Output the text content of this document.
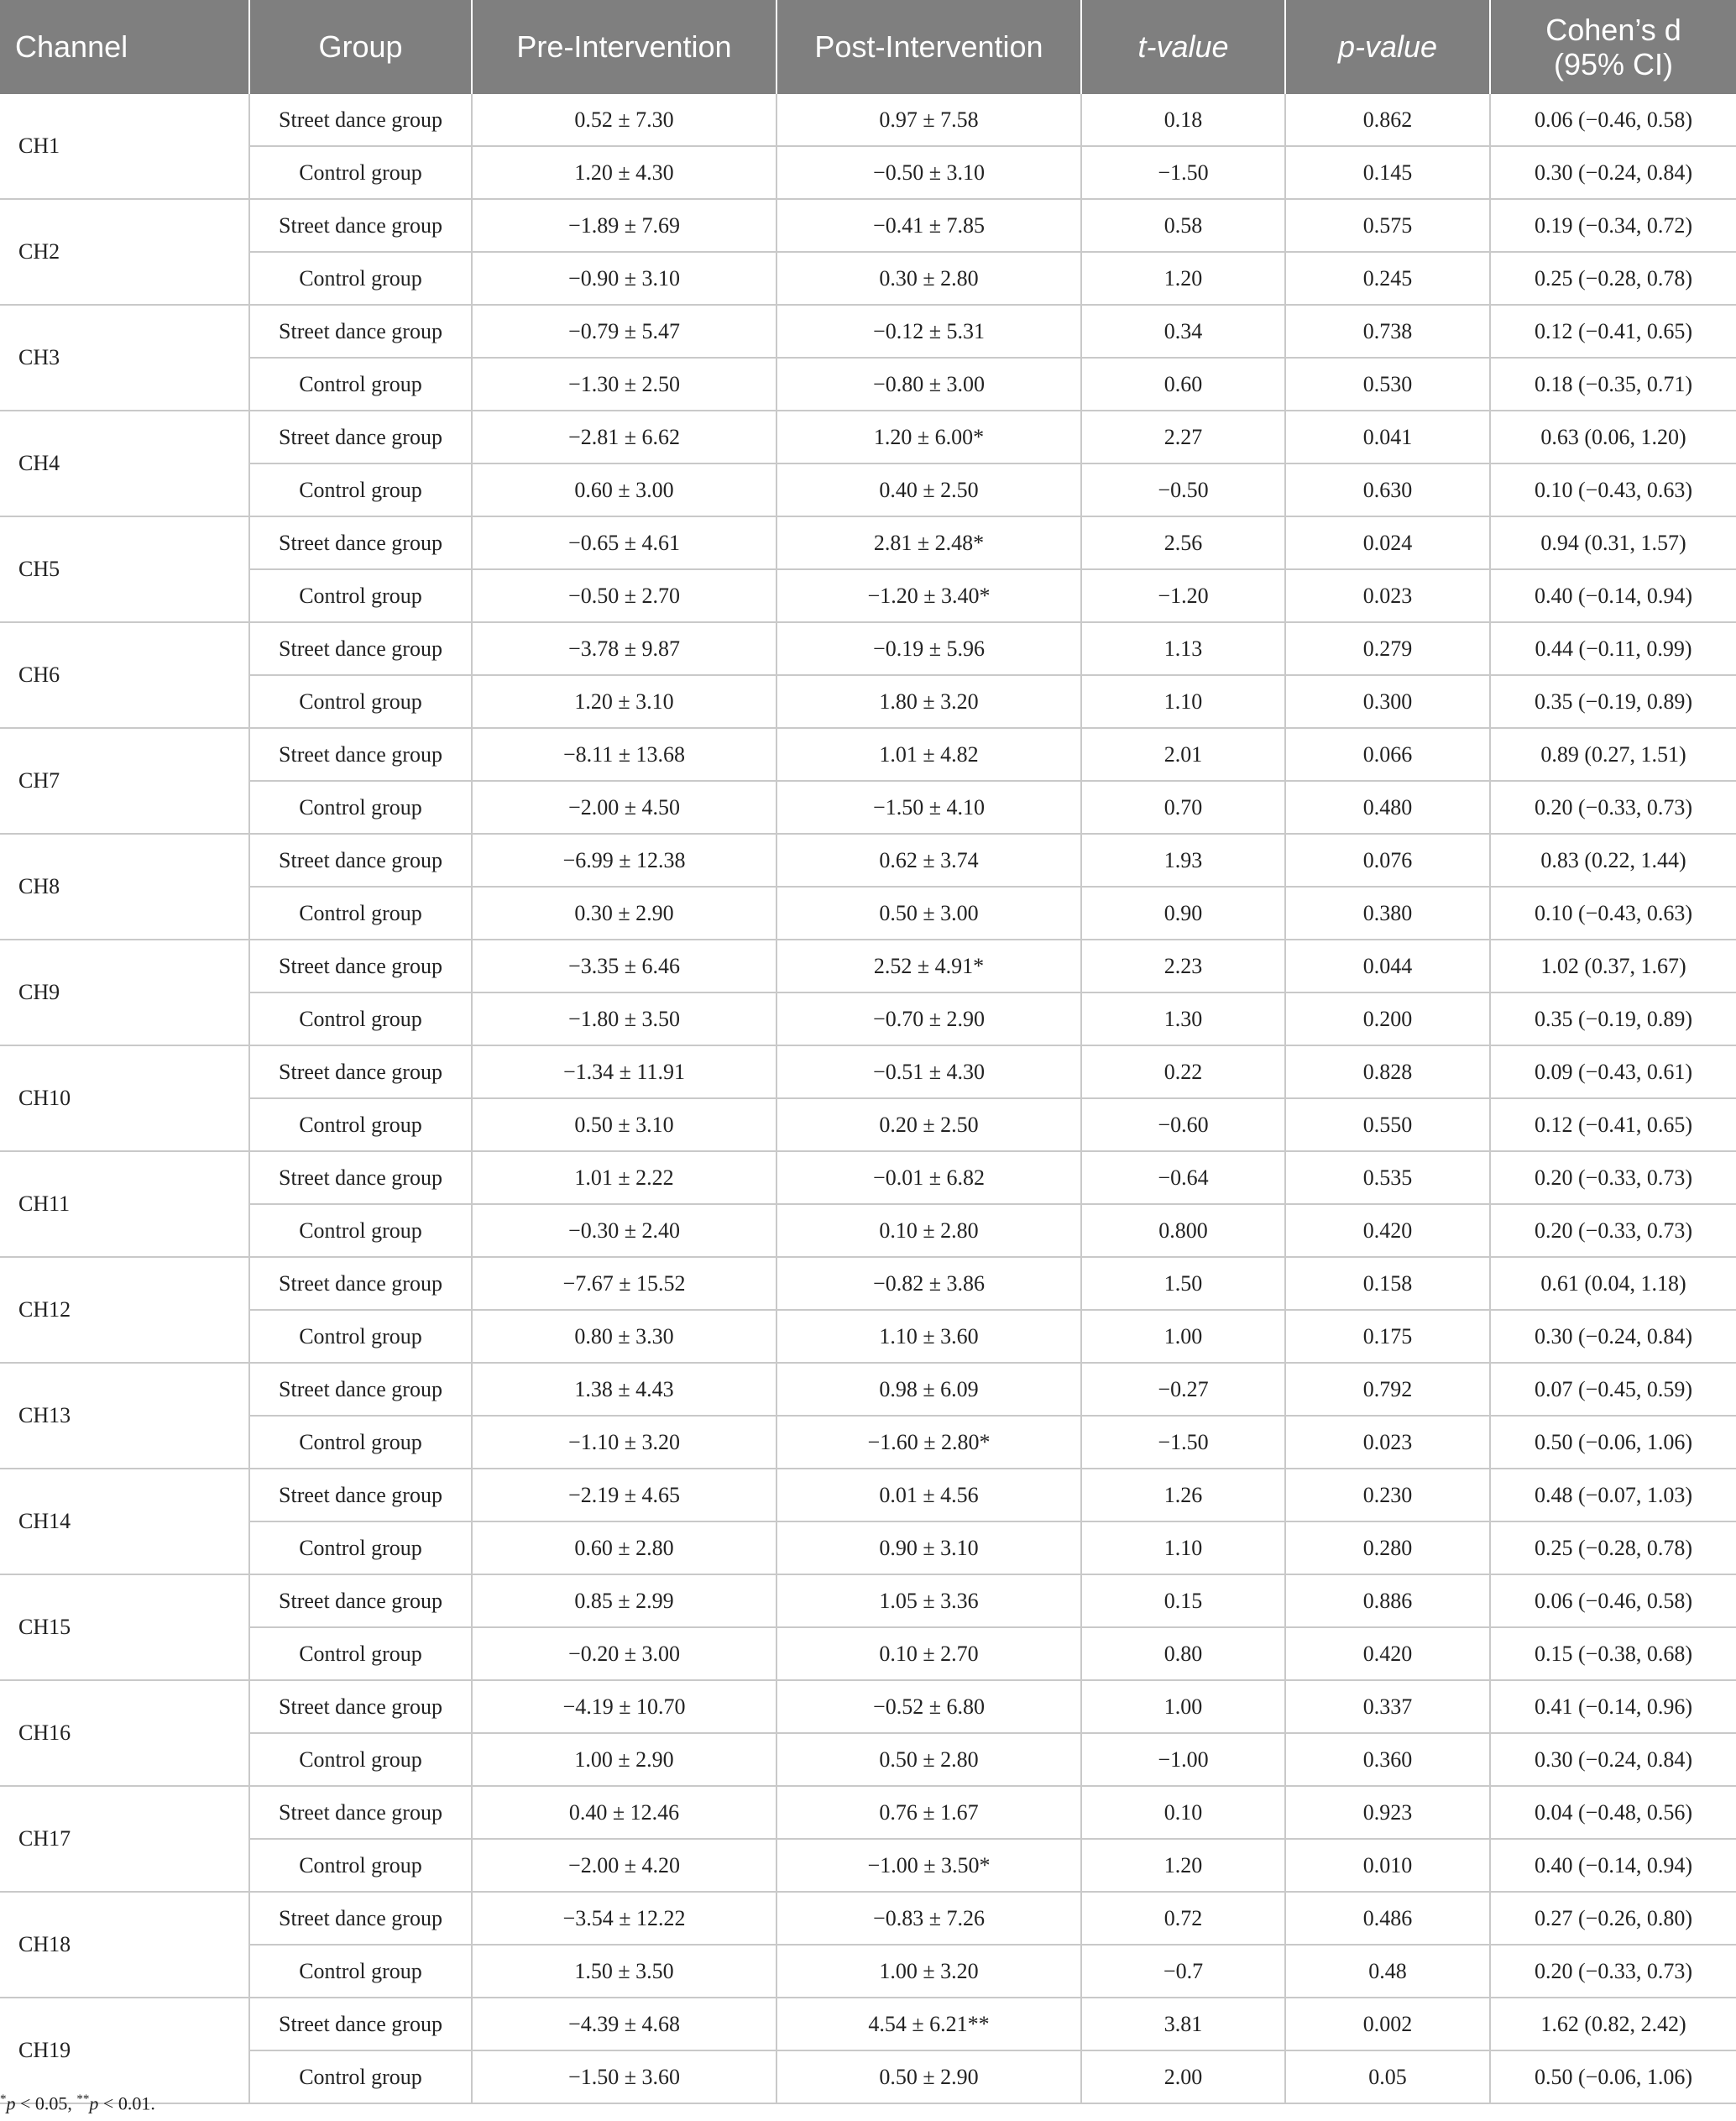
Channel	Group	Pre-Intervention	Post-Intervention	t-value	p-value	Cohen’s d
(95% CI)
CH1	Street dance group	0.52 ± 7.30	0.97 ± 7.58	0.18	0.862	0.06 (−0.46, 0.58)
	Control group	1.20 ± 4.30	−0.50 ± 3.10	−1.50	0.145	0.30 (−0.24, 0.84)
CH2	Street dance group	−1.89 ± 7.69	−0.41 ± 7.85	0.58	0.575	0.19 (−0.34, 0.72)
	Control group	−0.90 ± 3.10	0.30 ± 2.80	1.20	0.245	0.25 (−0.28, 0.78)
CH3	Street dance group	−0.79 ± 5.47	−0.12 ± 5.31	0.34	0.738	0.12 (−0.41, 0.65)
	Control group	−1.30 ± 2.50	−0.80 ± 3.00	0.60	0.530	0.18 (−0.35, 0.71)
CH4	Street dance group	−2.81 ± 6.62	1.20 ± 6.00*	2.27	0.041	0.63 (0.06, 1.20)
	Control group	0.60 ± 3.00	0.40 ± 2.50	−0.50	0.630	0.10 (−0.43, 0.63)
CH5	Street dance group	−0.65 ± 4.61	2.81 ± 2.48*	2.56	0.024	0.94 (0.31, 1.57)
	Control group	−0.50 ± 2.70	−1.20 ± 3.40*	−1.20	0.023	0.40 (−0.14, 0.94)
CH6	Street dance group	−3.78 ± 9.87	−0.19 ± 5.96	1.13	0.279	0.44 (−0.11, 0.99)
	Control group	1.20 ± 3.10	1.80 ± 3.20	1.10	0.300	0.35 (−0.19, 0.89)
CH7	Street dance group	−8.11 ± 13.68	1.01 ± 4.82	2.01	0.066	0.89 (0.27, 1.51)
	Control group	−2.00 ± 4.50	−1.50 ± 4.10	0.70	0.480	0.20 (−0.33, 0.73)
CH8	Street dance group	−6.99 ± 12.38	0.62 ± 3.74	1.93	0.076	0.83 (0.22, 1.44)
	Control group	0.30 ± 2.90	0.50 ± 3.00	0.90	0.380	0.10 (−0.43, 0.63)
CH9	Street dance group	−3.35 ± 6.46	2.52 ± 4.91*	2.23	0.044	1.02 (0.37, 1.67)
	Control group	−1.80 ± 3.50	−0.70 ± 2.90	1.30	0.200	0.35 (−0.19, 0.89)
CH10	Street dance group	−1.34 ± 11.91	−0.51 ± 4.30	0.22	0.828	0.09 (−0.43, 0.61)
	Control group	0.50 ± 3.10	0.20 ± 2.50	−0.60	0.550	0.12 (−0.41, 0.65)
CH11	Street dance group	1.01 ± 2.22	−0.01 ± 6.82	−0.64	0.535	0.20 (−0.33, 0.73)
	Control group	−0.30 ± 2.40	0.10 ± 2.80	0.800	0.420	0.20 (−0.33, 0.73)
CH12	Street dance group	−7.67 ± 15.52	−0.82 ± 3.86	1.50	0.158	0.61 (0.04, 1.18)
	Control group	0.80 ± 3.30	1.10 ± 3.60	1.00	0.175	0.30 (−0.24, 0.84)
CH13	Street dance group	1.38 ± 4.43	0.98 ± 6.09	−0.27	0.792	0.07 (−0.45, 0.59)
	Control group	−1.10 ± 3.20	−1.60 ± 2.80*	−1.50	0.023	0.50 (−0.06, 1.06)
CH14	Street dance group	−2.19 ± 4.65	0.01 ± 4.56	1.26	0.230	0.48 (−0.07, 1.03)
	Control group	0.60 ± 2.80	0.90 ± 3.10	1.10	0.280	0.25 (−0.28, 0.78)
CH15	Street dance group	0.85 ± 2.99	1.05 ± 3.36	0.15	0.886	0.06 (−0.46, 0.58)
	Control group	−0.20 ± 3.00	0.10 ± 2.70	0.80	0.420	0.15 (−0.38, 0.68)
CH16	Street dance group	−4.19 ± 10.70	−0.52 ± 6.80	1.00	0.337	0.41 (−0.14, 0.96)
	Control group	1.00 ± 2.90	0.50 ± 2.80	−1.00	0.360	0.30 (−0.24, 0.84)
CH17	Street dance group	0.40 ± 12.46	0.76 ± 1.67	0.10	0.923	0.04 (−0.48, 0.56)
	Control group	−2.00 ± 4.20	−1.00 ± 3.50*	1.20	0.010	0.40 (−0.14, 0.94)
CH18	Street dance group	−3.54 ± 12.22	−0.83 ± 7.26	0.72	0.486	0.27 (−0.26, 0.80)
	Control group	1.50 ± 3.50	1.00 ± 3.20	−0.7	0.48	0.20 (−0.33, 0.73)
CH19	Street dance group	−4.39 ± 4.68	4.54 ± 6.21**	3.81	0.002	1.62 (0.82, 2.42)
	Control group	−1.50 ± 3.60	0.50 ± 2.90	2.00	0.05	0.50 (−0.06, 1.06)
*p < 0.05, **p < 0.01.
